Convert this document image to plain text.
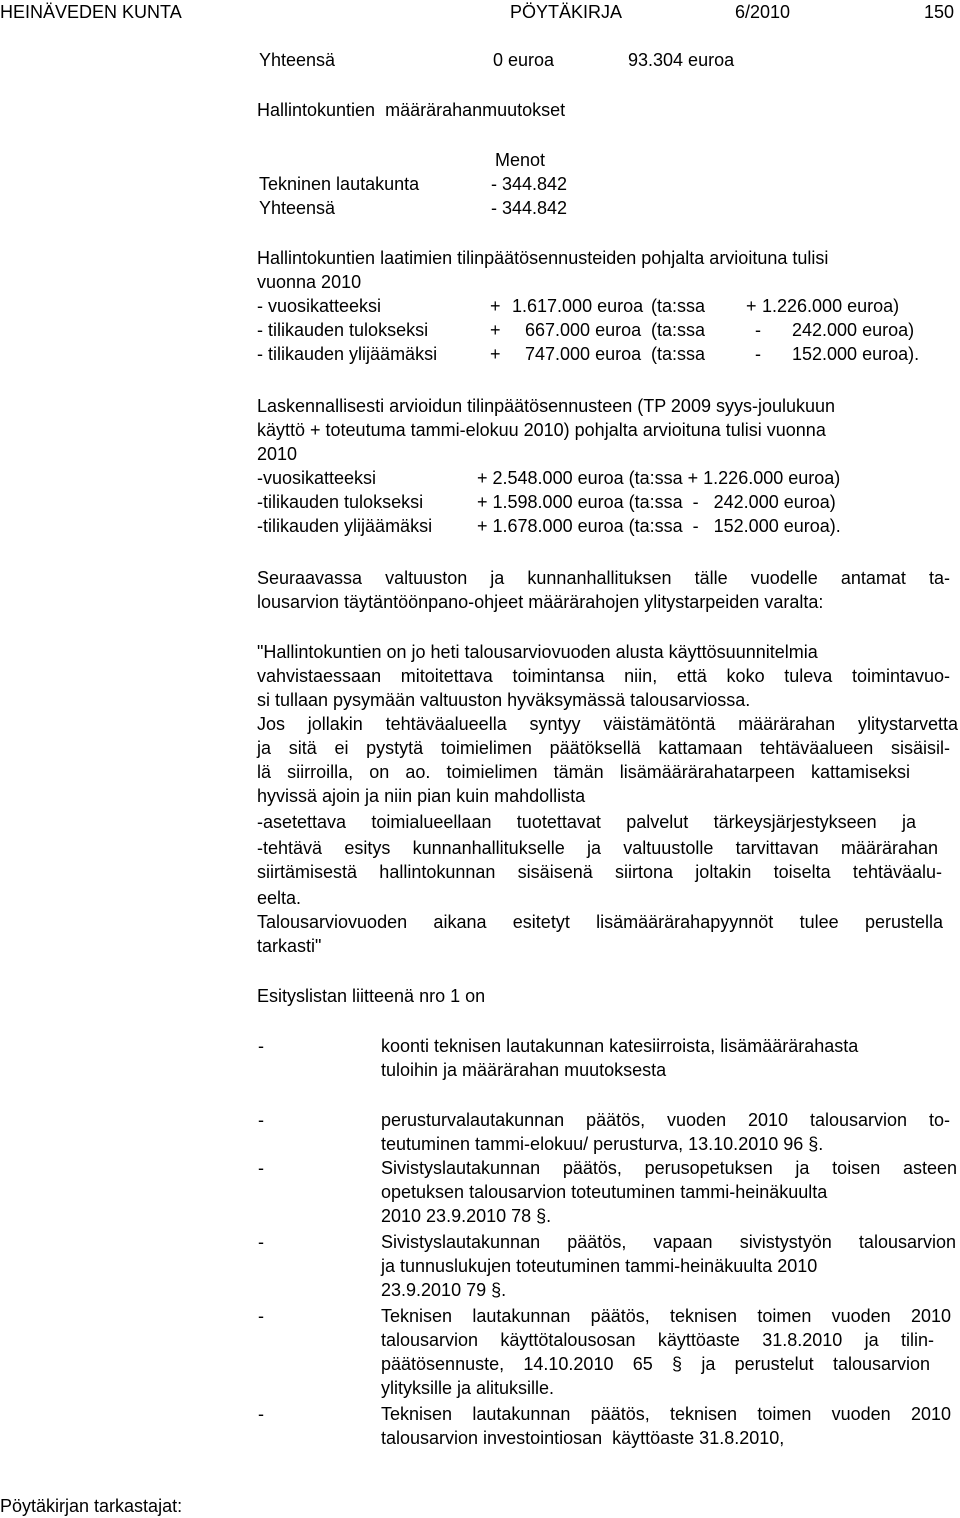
HEINÄVEDEN KUNTA	PÖYTÄKIRJA	6/2010	150
Yhteensä	0 euroa	93.304 euroa
Hallintokuntien  määrärahanmuutokset
Menot
Tekninen lautakunta	- 344.842
Yhteensä	- 344.842
Hallintokuntien laatimien tilinpäätösennusteiden pohjalta arvioituna tulisi
vuonna 2010
- vuosikatteeksi	+ 1.617.000 euroa (ta:ssa + 1.226.000 euroa)
- tilikauden tulokseksi	+ 667.000 euroa (ta:ssa	- 242.000 euroa)
- tilikauden ylijäämäksi	+ 747.000 euroa (ta:ssa	- 152.000 euroa).
Laskennallisesti arvioidun tilinpäätösennusteen (TP 2009 syys-joulukuun
käyttö + toteutuma tammi-elokuu 2010) pohjalta arvioituna tulisi vuonna
2010
-vuosikatteeksi	+ 2.548.000 euroa (ta:ssa + 1.226.000 euroa)
-tilikauden tulokseksi	+ 1.598.000 euroa (ta:ssa  -   242.000 euroa)
-tilikauden ylijäämäksi + 1.678.000 euroa (ta:ssa  -   152.000 euroa).
Seuraavassa valtuuston ja kunnanhallituksen tälle vuodelle antamat ta-
lousarvion täytäntöönpano-ohjeet määrärahojen ylitystarpeiden varalta:
"Hallintokuntien on jo heti talousarviovuoden alusta käyttösuunnitelmia
vahvistaessaan mitoitettava toimintansa niin, että koko tuleva toimintavuo-
si tullaan pysymään valtuuston hyväksymässä talousarviossa.
Jos jollakin tehtäväalueella syntyy väistämätöntä määrärahan ylitystarvetta
ja sitä ei pystytä toimielimen päätöksellä kattamaan tehtäväalueen sisäisil-
lä siirroilla, on ao. toimielimen tämän lisämäärärahatarpeen kattamiseksi
hyvissä ajoin ja niin pian kuin mahdollista
-asetettava toimialueellaan tuotettavat palvelut tärkeysjärjestykseen ja
-tehtävä esitys kunnanhallitukselle ja valtuustolle tarvittavan määrärahan
siirtämisestä hallintokunnan sisäisenä siirtona joltakin toiselta tehtäväalu-
eelta.
Talousarviovuoden aikana esitetyt lisämäärärahapyynnöt tulee perustella
tarkasti"
Esityslistan liitteenä nro 1 on
-	koonti teknisen lautakunnan katesiirroista, lisämäärärahasta
tuloihin ja määrärahan muutoksesta
-	perusturvalautakunnan päätös, vuoden 2010 talousarvion to-
teutuminen tammi-elokuu/ perusturva, 13.10.2010 96 §.
-	Sivistyslautakunnan päätös, perusopetuksen ja toisen asteen
opetuksen talousarvion toteutuminen tammi-heinäkuulta
2010 23.9.2010 78 §.
-	Sivistyslautakunnan päätös, vapaan sivistystyön talousarvion
ja tunnuslukujen toteutuminen tammi-heinäkuulta 2010
23.9.2010 79 §.
-	Teknisen lautakunnan päätös, teknisen toimen vuoden 2010
talousarvion käyttötalousosan käyttöaste 31.8.2010 ja tilin-
päätösennuste, 14.10.2010 65 § ja perustelut talousarvion
ylityksille ja alituksille.
-	Teknisen lautakunnan päätös, teknisen toimen vuoden 2010
talousarvion investointiosan  käyttöaste 31.8.2010,
Pöytäkirjan tarkastajat:
